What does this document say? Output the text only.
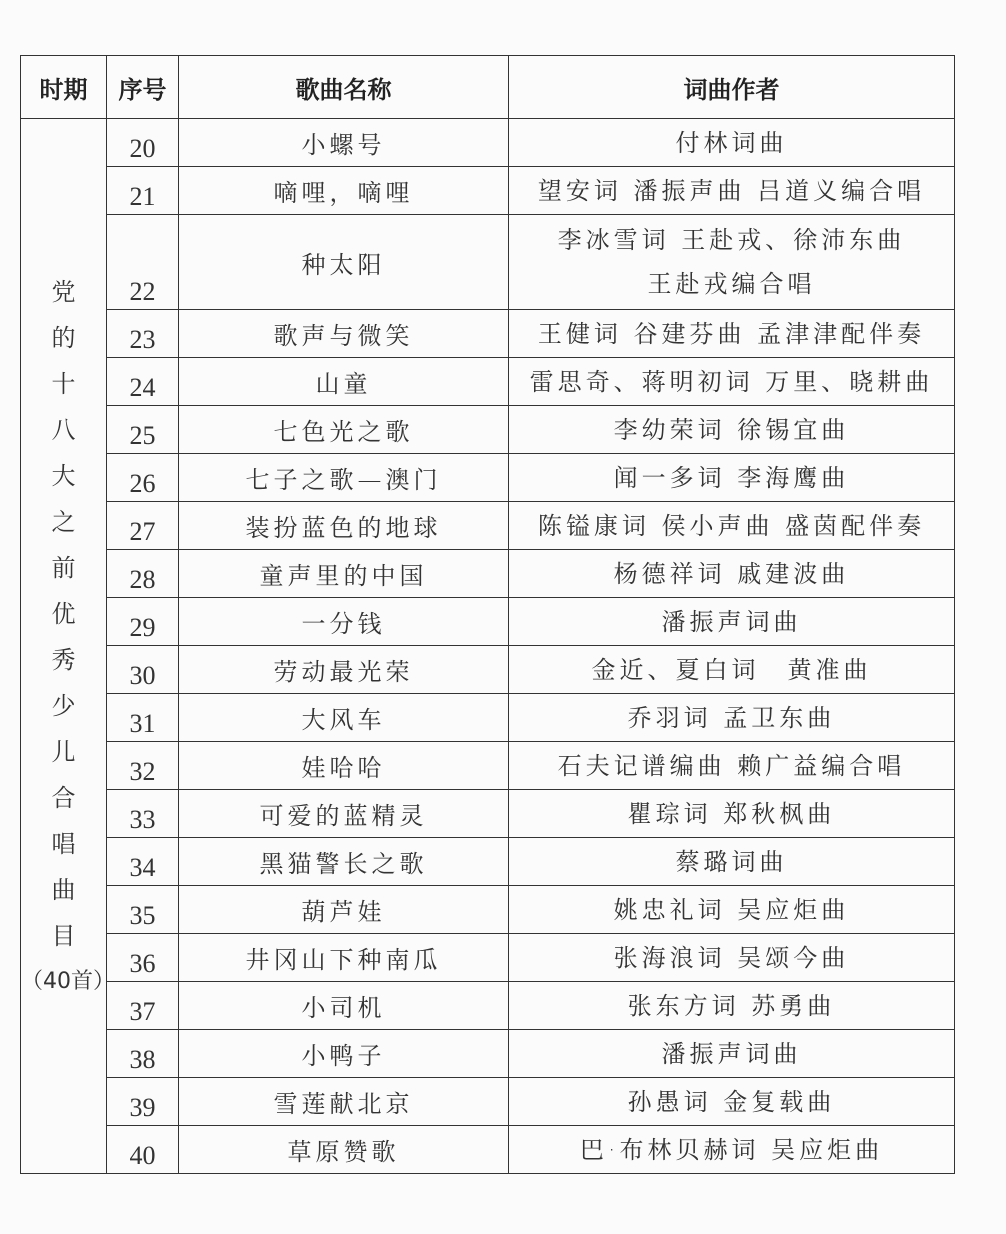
时期	序号	歌曲名称	词曲作者

党的十八大之前优秀少儿合唱曲目
（40首）	20	小螺号	付林词曲
	21	嘀哩，嘀哩	望安词 潘振声曲 吕道义编合唱

	22	种太阳	李冰雪词 王赴戎、徐沛东曲
王赴戎编合唱

	23	歌声与微笑	王健词 谷建芬曲 孟津津配伴奏

	24	山童	雷思奇、蒋明初词 万里、晓耕曲

	25	七色光之歌	李幼荣词 徐锡宜曲

	26	七子之歌—澳门	闻一多词 李海鹰曲

	27	装扮蓝色的地球	陈镒康词 侯小声曲 盛茵配伴奏

	28	童声里的中国	杨德祥词 戚建波曲

	29	一分钱	潘振声词曲

	30	劳动最光荣	金近、夏白词　黄准曲

	31	大风车	乔羽词 孟卫东曲

	32	娃哈哈	石夫记谱编曲 赖广益编合唱

	33	可爱的蓝精灵	瞿琮词 郑秋枫曲

	34	黑猫警长之歌	蔡璐词曲

	35	葫芦娃	姚忠礼词 吴应炬曲

	36	井冈山下种南瓜	张海浪词 吴颂今曲

	37	小司机	张东方词 苏勇曲

	38	小鸭子	潘振声词曲

	39	雪莲献北京	孙愚词 金复载曲

	40	草原赞歌	巴·布林贝赫词 吴应炬曲
